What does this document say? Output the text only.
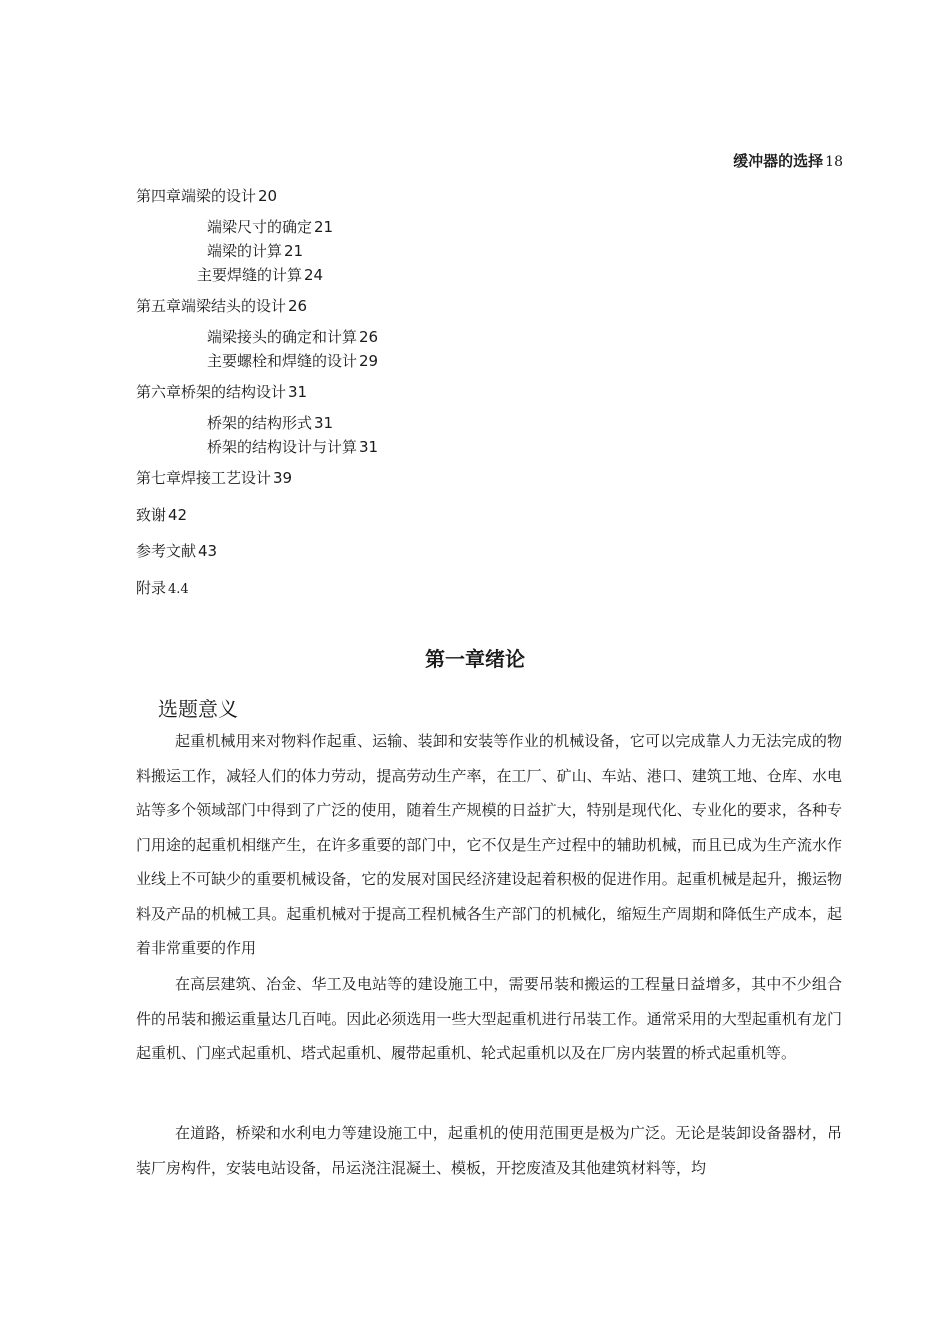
缓冲器的选择 18
第四章端梁的设计 20
端梁尺寸的确定 21
端梁的计算 21
主要焊缝的计算 24
第五章端梁结头的设计 26
端梁接头的确定和计算 26
主要螺栓和焊缝的设计 29
第六章桥架的结构设计 31
桥架的结构形式 31
桥架的结构设计与计算 31
第七章焊接工艺设计 39
致谢 42
参考文献 43
附录 4.4
第一章绪论
选题意义

起重机械用来对物料作起重、运输、装卸和安装等作业的机械设备，它可以完成靠人力无法完成的物料搬运工作，减轻人们的体力劳动，提高劳动生产率，在工厂、矿山、车站、港口、建筑工地、仓库、水电站等多个领域部门中得到了广泛的使用，随着生产规模的日益扩大，特别是现代化、专业化的要求，各种专门用途的起重机相继产生，在许多重要的部门中，它不仅是生产过程中的辅助机械，而且已成为生产流水作业线上不可缺少的重要机械设备，它的发展对国民经济建设起着积极的促进作用。起重机械是起升，搬运物料及产品的机械工具。起重机械对于提高工程机械各生产部门的机械化，缩短生产周期和降低生产成本，起着非常重要的作用

在高层建筑、冶金、华工及电站等的建设施工中，需要吊装和搬运的工程量日益增多，其中不少组合件的吊装和搬运重量达几百吨。因此必须选用一些大型起重机进行吊装工作。通常采用的大型起重机有龙门起重机、门座式起重机、塔式起重机、履带起重机、轮式起重机以及在厂房内装置的桥式起重机等。

在道路，桥梁和水利电力等建设施工中，起重机的使用范围更是极为广泛。无论是装卸设备器材，吊装厂房构件，安装电站设备，吊运浇注混凝土、模板，开挖废渣及其他建筑材料等，均
